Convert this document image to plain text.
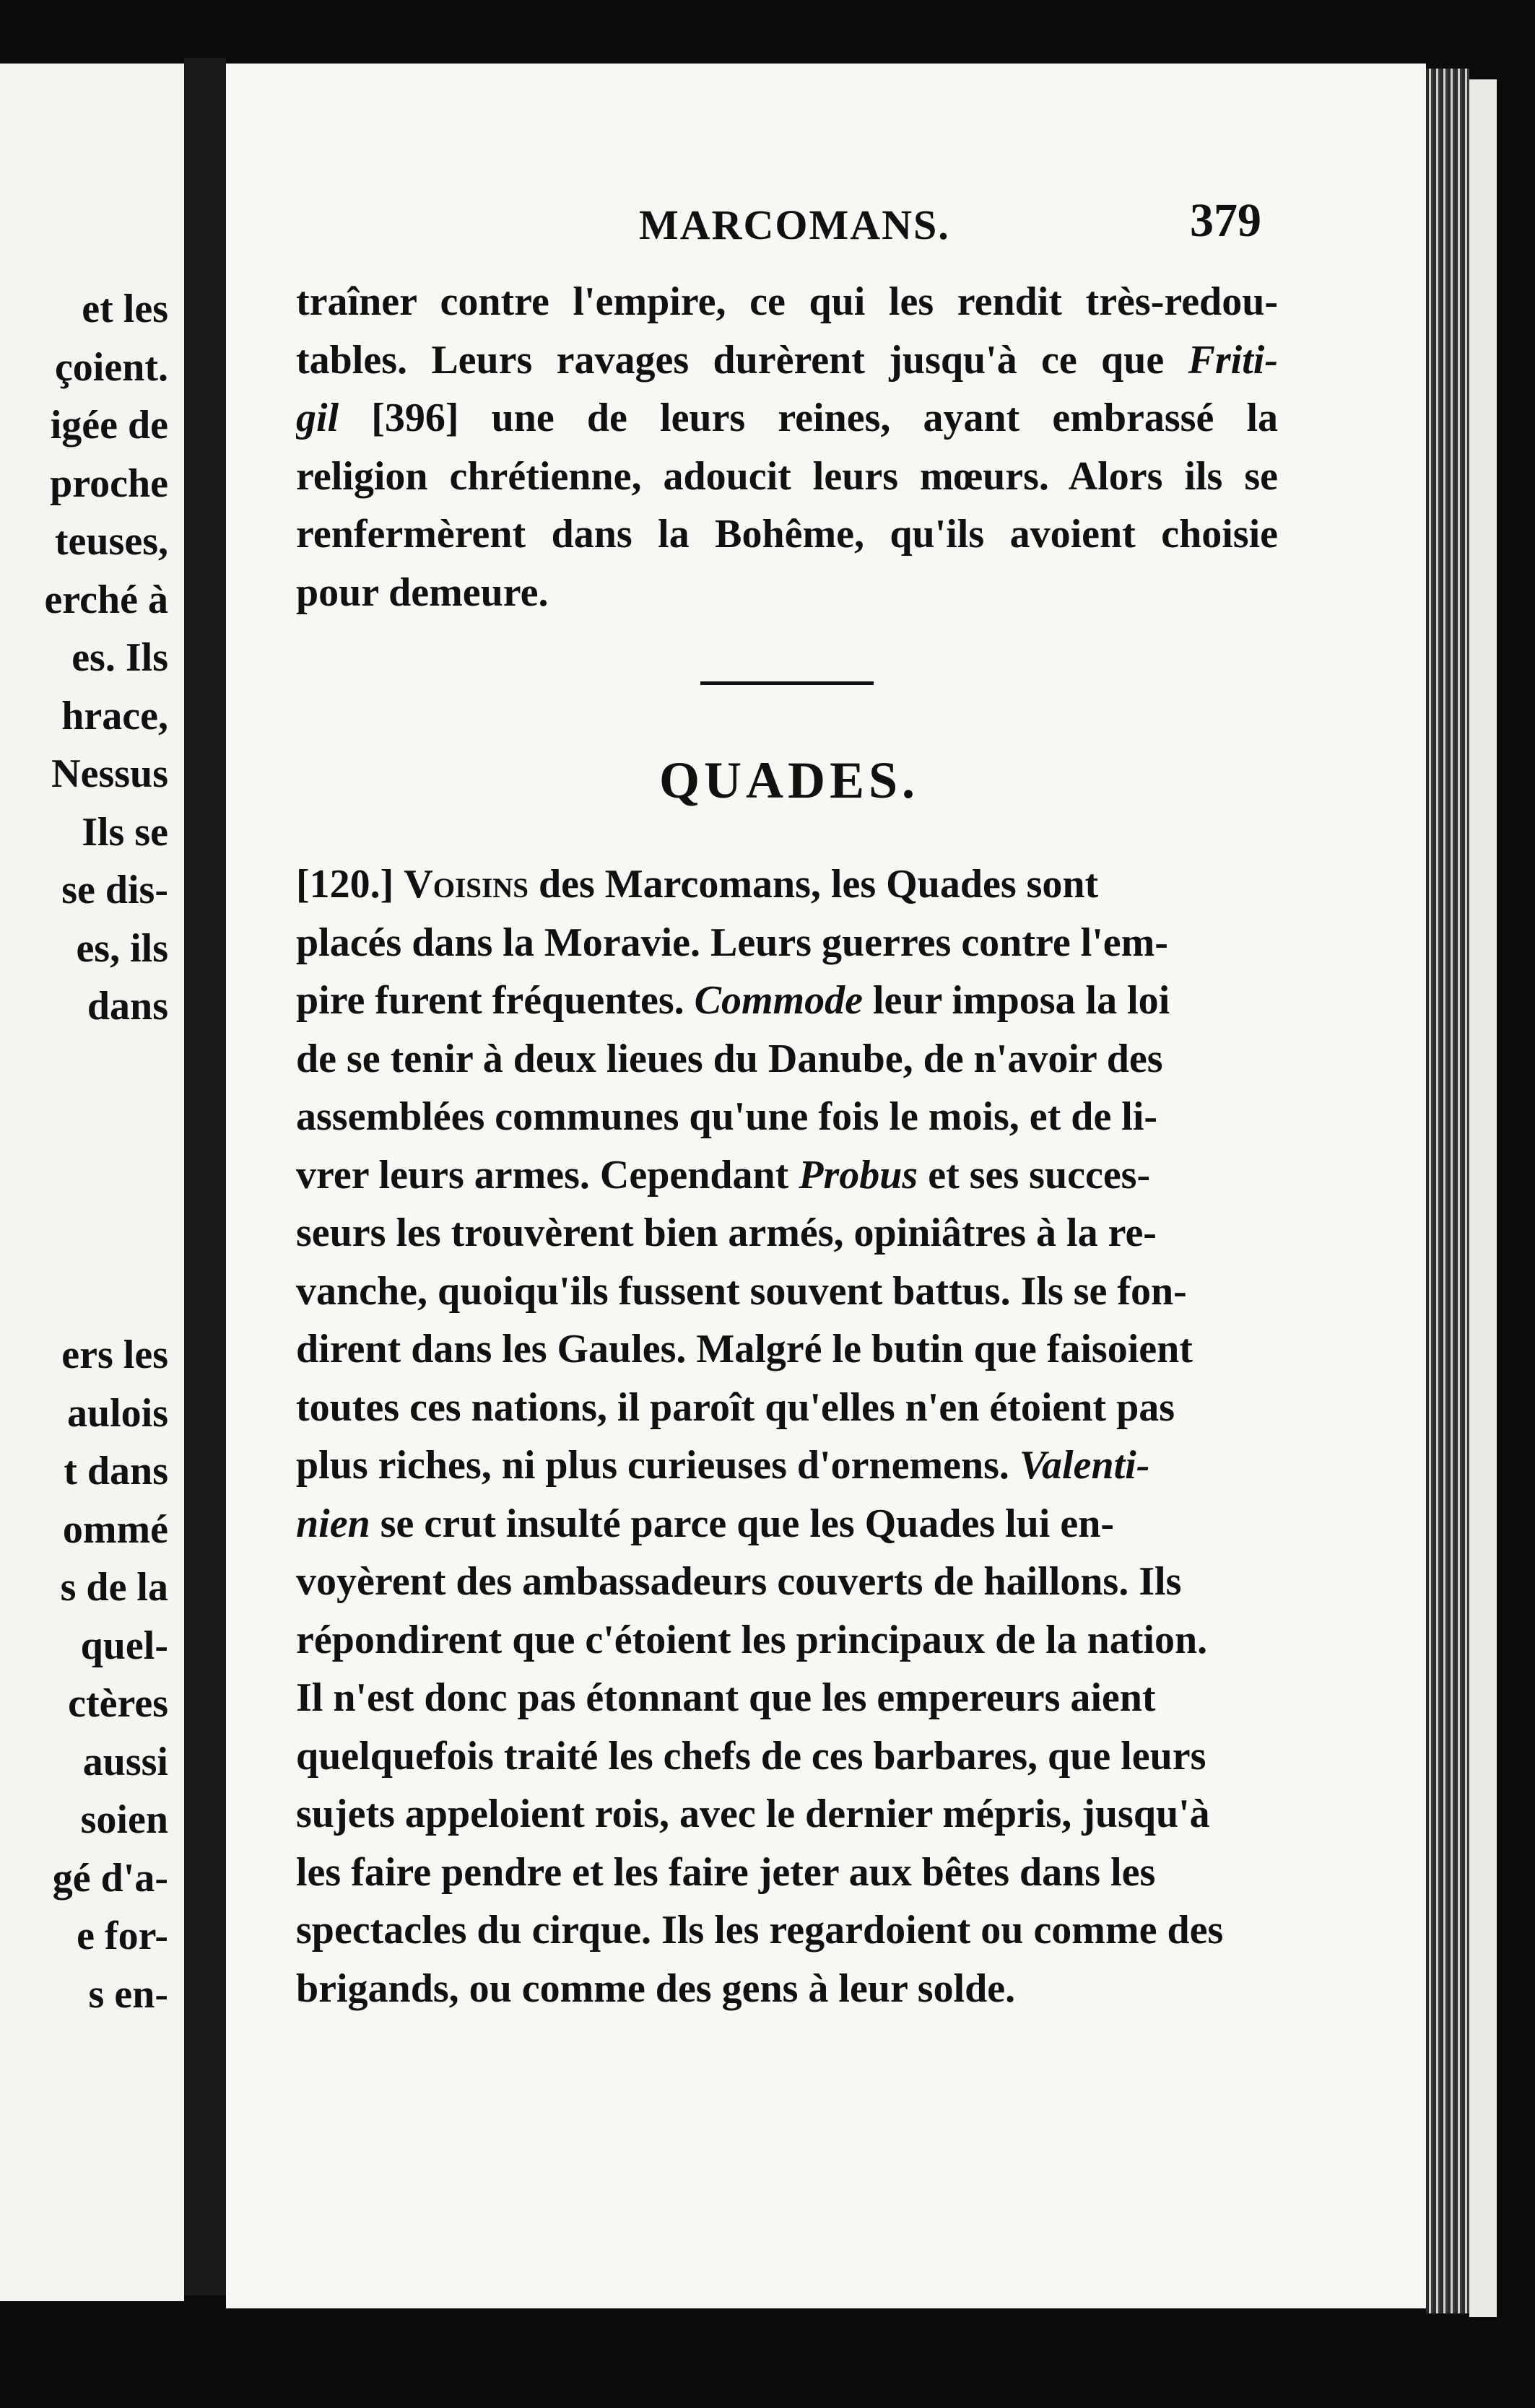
et les
çoient.
igée de
proche
teuses,
erché à
es. Ils
hrace,
Nessus
Ils se
se dis-
es, ils
dans
ers les
aulois
t dans
ommé
s de la
quel-
ctères
aussi
soien
gé d'a-
e for-
s en-
MARCOMANS.	379
traîner contre l'empire, ce qui les rendit très-redou-
tables. Leurs ravages durèrent jusqu'à ce que Friti-
gil [396] une de leurs reines, ayant embrassé la
religion chrétienne, adoucit leurs mœurs. Alors ils se
renfermèrent dans la Bohême, qu'ils avoient choisie
pour demeure.
QUADES.
[120.] Voisins des Marcomans, les Quades sont
placés dans la Moravie. Leurs guerres contre l'em-
pire furent fréquentes. Commode leur imposa la loi
de se tenir à deux lieues du Danube, de n'avoir des
assemblées communes qu'une fois le mois, et de li-
vrer leurs armes. Cependant Probus et ses succes-
seurs les trouvèrent bien armés, opiniâtres à la re-
vanche, quoiqu'ils fussent souvent battus. Ils se fon-
dirent dans les Gaules. Malgré le butin que faisoient
toutes ces nations, il paroît qu'elles n'en étoient pas
plus riches, ni plus curieuses d'ornemens. Valenti-
nien se crut insulté parce que les Quades lui en-
voyèrent des ambassadeurs couverts de haillons. Ils
répondirent que c'étoient les principaux de la nation.
Il n'est donc pas étonnant que les empereurs aient
quelquefois traité les chefs de ces barbares, que leurs
sujets appeloient rois, avec le dernier mépris, jusqu'à
les faire pendre et les faire jeter aux bêtes dans les
spectacles du cirque. Ils les regardoient ou comme des
brigands, ou comme des gens à leur solde.
